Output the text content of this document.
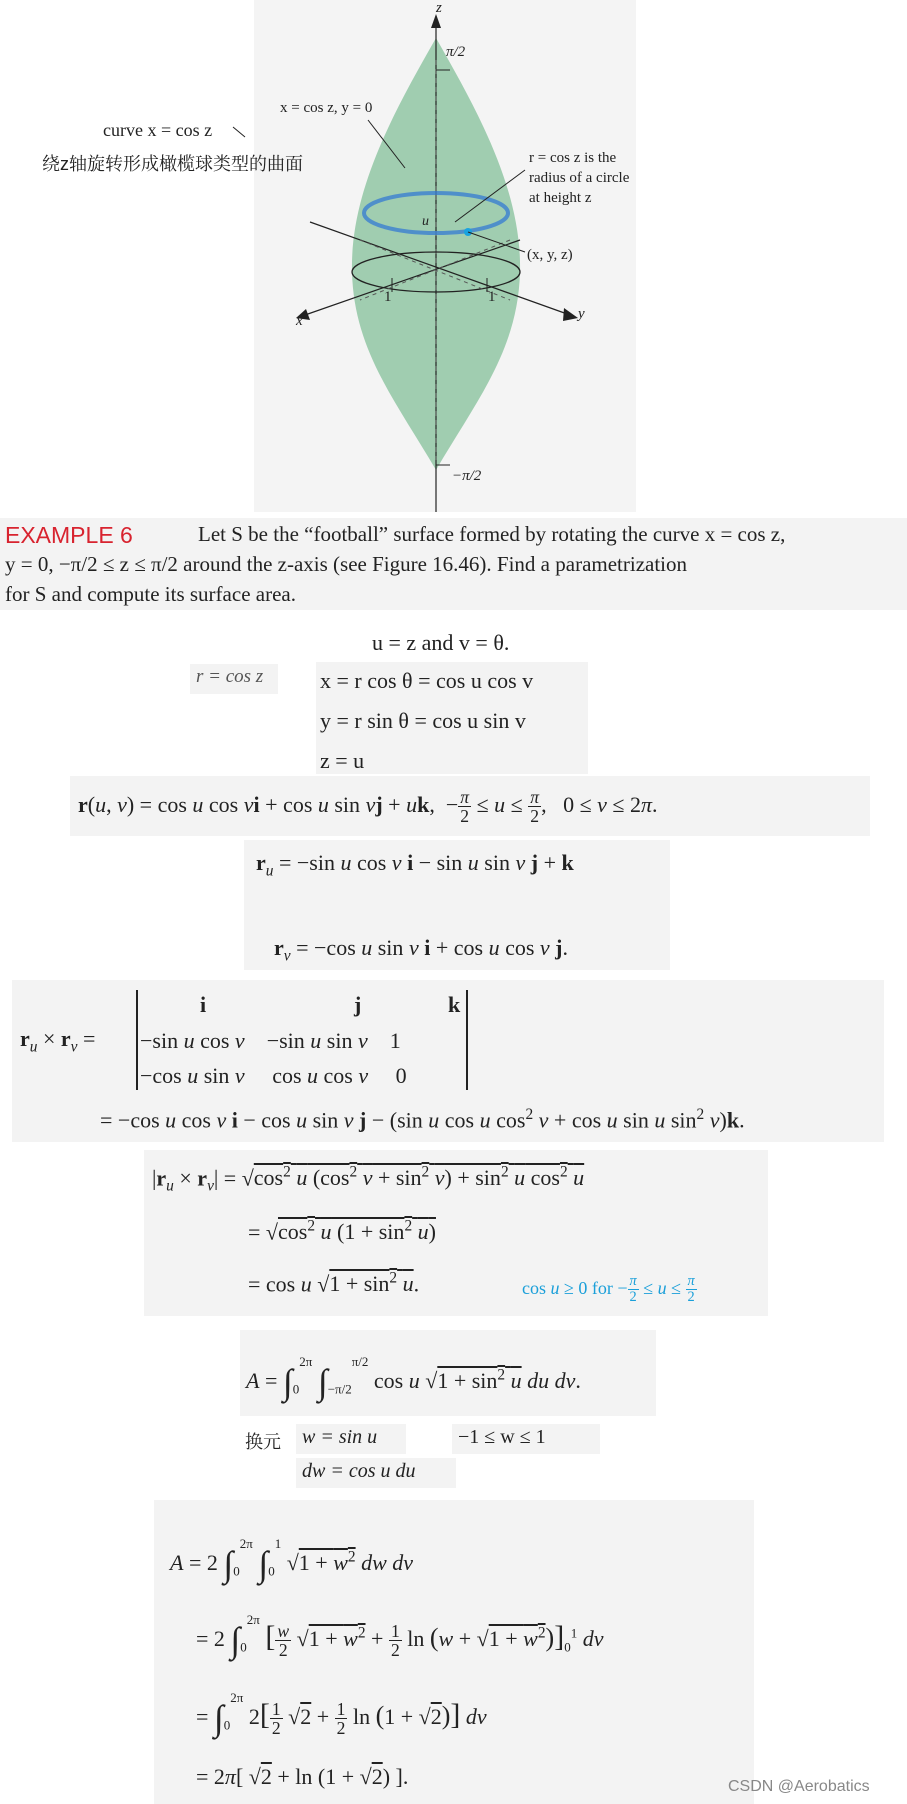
z
π/2
−π/2
x	y
1	1
u
x = cos z, y = 0
curve x = cos z
绕z轴旋转形成橄榄球类型的曲面	r = cos z is the
radius of a circle
at height z
(x, y, z)
EXAMPLE 6	Let S be the “football” surface formed by rotating the curve x = cos z,
y = 0, −π/2 ≤ z ≤ π/2 around the z-axis (see Figure 16.46). Find a parametrization
for S and compute its surface area.
u = z and v = θ.
r = cos z	x = r cos θ = cos u cos v
y = r sin θ = cos u sin v
z = u
r(u, v) = cos u cos vi + cos u sin vj + uk,  − $\frac{\pi}{2} \le u \le \frac{\pi}{2}$ ,   0 ≤ v ≤ 2π.
$r_u = -\sin$ u cos v i − sin u sin v j + k
$r_v = -\cos$ u sin v i + cos u cos v j.
$r_u \times r_v$ =
i	j	k
−sin u cos v    −sin u sin v    1
−cos u sin v     cos u cos v     0
= −cos u cos v i − cos u sin v j − (sin u cos u $\cos^2 v + \cos u$ sin u $\sin^2 v)k$.
$|r_u \times r_v| = √\cos^2$ u ($\cos^2$ $v + \sin^2 v) + \sin^2 u$ $\cos^2 u$
= $√\cos^2$ u $(1 + \sin^2 u)$
= cos u $√1 + \sin^2 u$.	cos u ≥ 0 for − $\frac{\pi}{2} \le u \le \frac{\pi}{2}$
$A = \int_0^{2\pi}$ $\int_{-\pi/2}^{\pi/2}$ cos u $√1 + \sin^2 u$ du dv.
换元 w = sin u	−1 ≤ w ≤ 1
dw = cos u du
A = 2 $\int_0^{2\pi}$ $\int_0^1$ $√1 + w^2$ dw dv
= 2 $\int_0^{2\pi}$ [ $\frac{w}{2} √1 + w^2 + \frac{1}{2}$ $\ln (w + √1 + w^2)]_0^1$ dv
= $\int_0^{2\pi}$ $2[ \frac{1}{2} √2 + \frac{1}{2}$ ln (1 + √2)] dv
= 2π[ √2 + ln (1 + √2) ].	CSDN @Aerobatics
